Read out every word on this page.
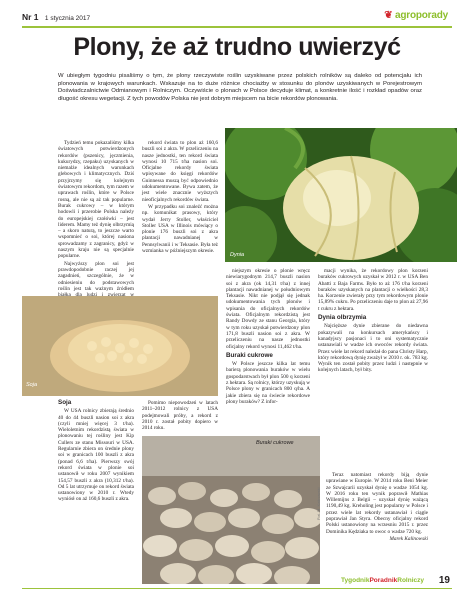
Nr 1 1 stycznia 2017	❦ agroporady
Plony, że aż trudno uwierzyć
W ubiegłym tygodniu pisaliśmy o tym, że plony rzeczywiste roślin uzyskiwane przez polskich rolników są daleko od potencjału ich plonowania w krajowych warunkach. Wskazuje na to duże różnice chociażby w stosunku do plonów uzyskiwanych w Porejestrowym Doświadczalnictwie Odmianowym i Rolniczym. Oczywiście o plonach w Polsce decyduje klimat, a konkretnie ilość i rozkład opadów oraz długość okresu wegetacji. Z tych powodów Polska nie jest dobrym miejscem na bicie rekordów plonowania.
Dynia

Tydzień temu pokazaliśmy kilka światowych potwierdzonych rekordów (pszenicy, jęczmienia, kukurydzy, rzepaku) uzyskanych w niemalże idealnych warunkach glebowych i klimatycznych. Dziś przyjrzymy się kolejnym światowym rekordom, tym razem w uprawach roślin, które w Polsce rosną, ale nie są aż tak popularne. Burak cukrowy – w którym hodowli i przerobie Polska należy do europejskiej czołówki – jest liderem. Mamy też dynię olbrzymią – a skoro naturą, to jeszcze warto wspomnieć o soi, której nasiona sprowadzamy z zagranicy, gdyż w naszym kraju nie są specjalnie popularne.

Najwyższy plon soi jest prawdopodobnie raczej jej zagadnień, szczególnie, że w odniesieniu do podstawowych roślin jest tak ważnym źródłem

rekord świata to plon aż 160,6 buszli soi z akra. W przeliczeniu na nasze jednostki, ten rekord świata wynosi 10 715 t/ha nasion soi. Oficjalne rekordy świata wpisywane do księgi rekordów Guinnessa muszą być odpowiednio udokumentowane. Bywa zatem, że jest wiele znacznie wyższych nieoficjalnych rekordów świata.

W przypadku soi znaleźć można np. komunikat prasowy, który wydał Jerry Stoller, właściciel Stoller USA w Illinois mówiący o plonie 176 buszli soi z akra plantacji nawadnianej w Pennsylwanii i w Teksasie. Była też wzmianka w późniejszym okresie.

Soja

niejszym okresie o plonie wręcz niewiarygodnym 214,7 buszli nasion soi z akra (ok 14,31 t/ha) z innej plantacji nawadnianej w południowym Teksasie. Nikt nie podjął się jednak udokumentowania tych plonów i wpisania do oficjalnych rekordów świata. Oficjalnym rekordzistą jest Randy Dowdy ze stanu Georgia, który w tym roku uzyskał potwierdzony plon 171,8 buszli nasion soi z akra. W przeliczeniu na nasze jednostki oficjalny rekord wynosi 11,462 t/ha.

Buraki cukrowe

W Polsce jeszcze kilka lat temu barierą plonowania buraków w wielu gospodarstwach był plon 500 q korzeni z hektara. Są rolnicy, którzy uzyskują w Polsce plony w granicach 800 q/ha. A jakie zbiera się na świecie rekordowe plony buraków? Z infor-

macji wynika, że rekordowy plon korzeni buraków cukrowych uzyskał w 2012 r. w USA Ben Abatti z Baja Farms. Było to aż 176 t/ha korzeni buraków uzyskanych na plantacji o wielkości 28,3 ha. Korzenie zwierały przy tym rekordowym plonie 15,89% cukru. Po przeliczeniu daje to plon aż 27,96 t cukru z hektara.

Dynia olbrzymia

Najcięższe dynie zbierane do niedawna pokazywali na konkursach amerykańscy i kanadyjscy pasjonaci i to oni systematycznie ustanawiali w wadze ich owoców rekordy świata. Przez wiele lat rekord należał do pana Christy Harp, który rekordową dynię zważył w 2010 r. ok. 783 kg. Wynik ten został pobity przez ludzi i następnie w kolejnych latach, był bity.

Soja

W USA rolnicy zbierają średnio 40 do 44 buszli nasion soi z akra (czyli mniej więcej 3 t/ha). Wieloletnim rekordzistą świata w plonowaniu tej rośliny jest Kip Cullers ze stanu Missouri w USA. Regularnie zbiera on średnie plony soi w granicach 100 buszli z akra (ponad 6,6 t/ha). Pierwszy swój rekord świata w plonie soi ustanowił w roku 2007 wynikiem 154,57 buszli z akra (10,312 t/ha). Od 5 lat utrzymuje on rekord świata ustanowiony w 2010 r. Wtedy wyniósł on aż 160,6 buszli z akra.

Pomimo niepowodzeń w latach 2011–2012 rolnicy z USA podejmowali próby, a rekord z 2010 r. został pobity dopiero w 2014 roku.

Buraki cukrowe
Fot. M. Kalinowski

Teraz natomiast rekordy biją dynie uprawiane w Europie. W 2014 roku Beni Meier ze Szwajcarii uzyskał dynię o wadze 1054 kg. W 2016 roku ten wynik poprawił Mathias Willemijns z Belgii – uzyskał dynię ważącą 1190,49 kg. Kreholing jest popularny w Polsce i przez wiele lat rekordy ustanawiał i ciągle poprawiał Jan Styra. Obecny oficjalny rekord Polski ustanowiony na wrzesniu 2015 r. przez Dominika Kędziaka to owoc o wadze 720 kg.

Marek Kalinowski
TygodnikPoradnikRolniczy 19
